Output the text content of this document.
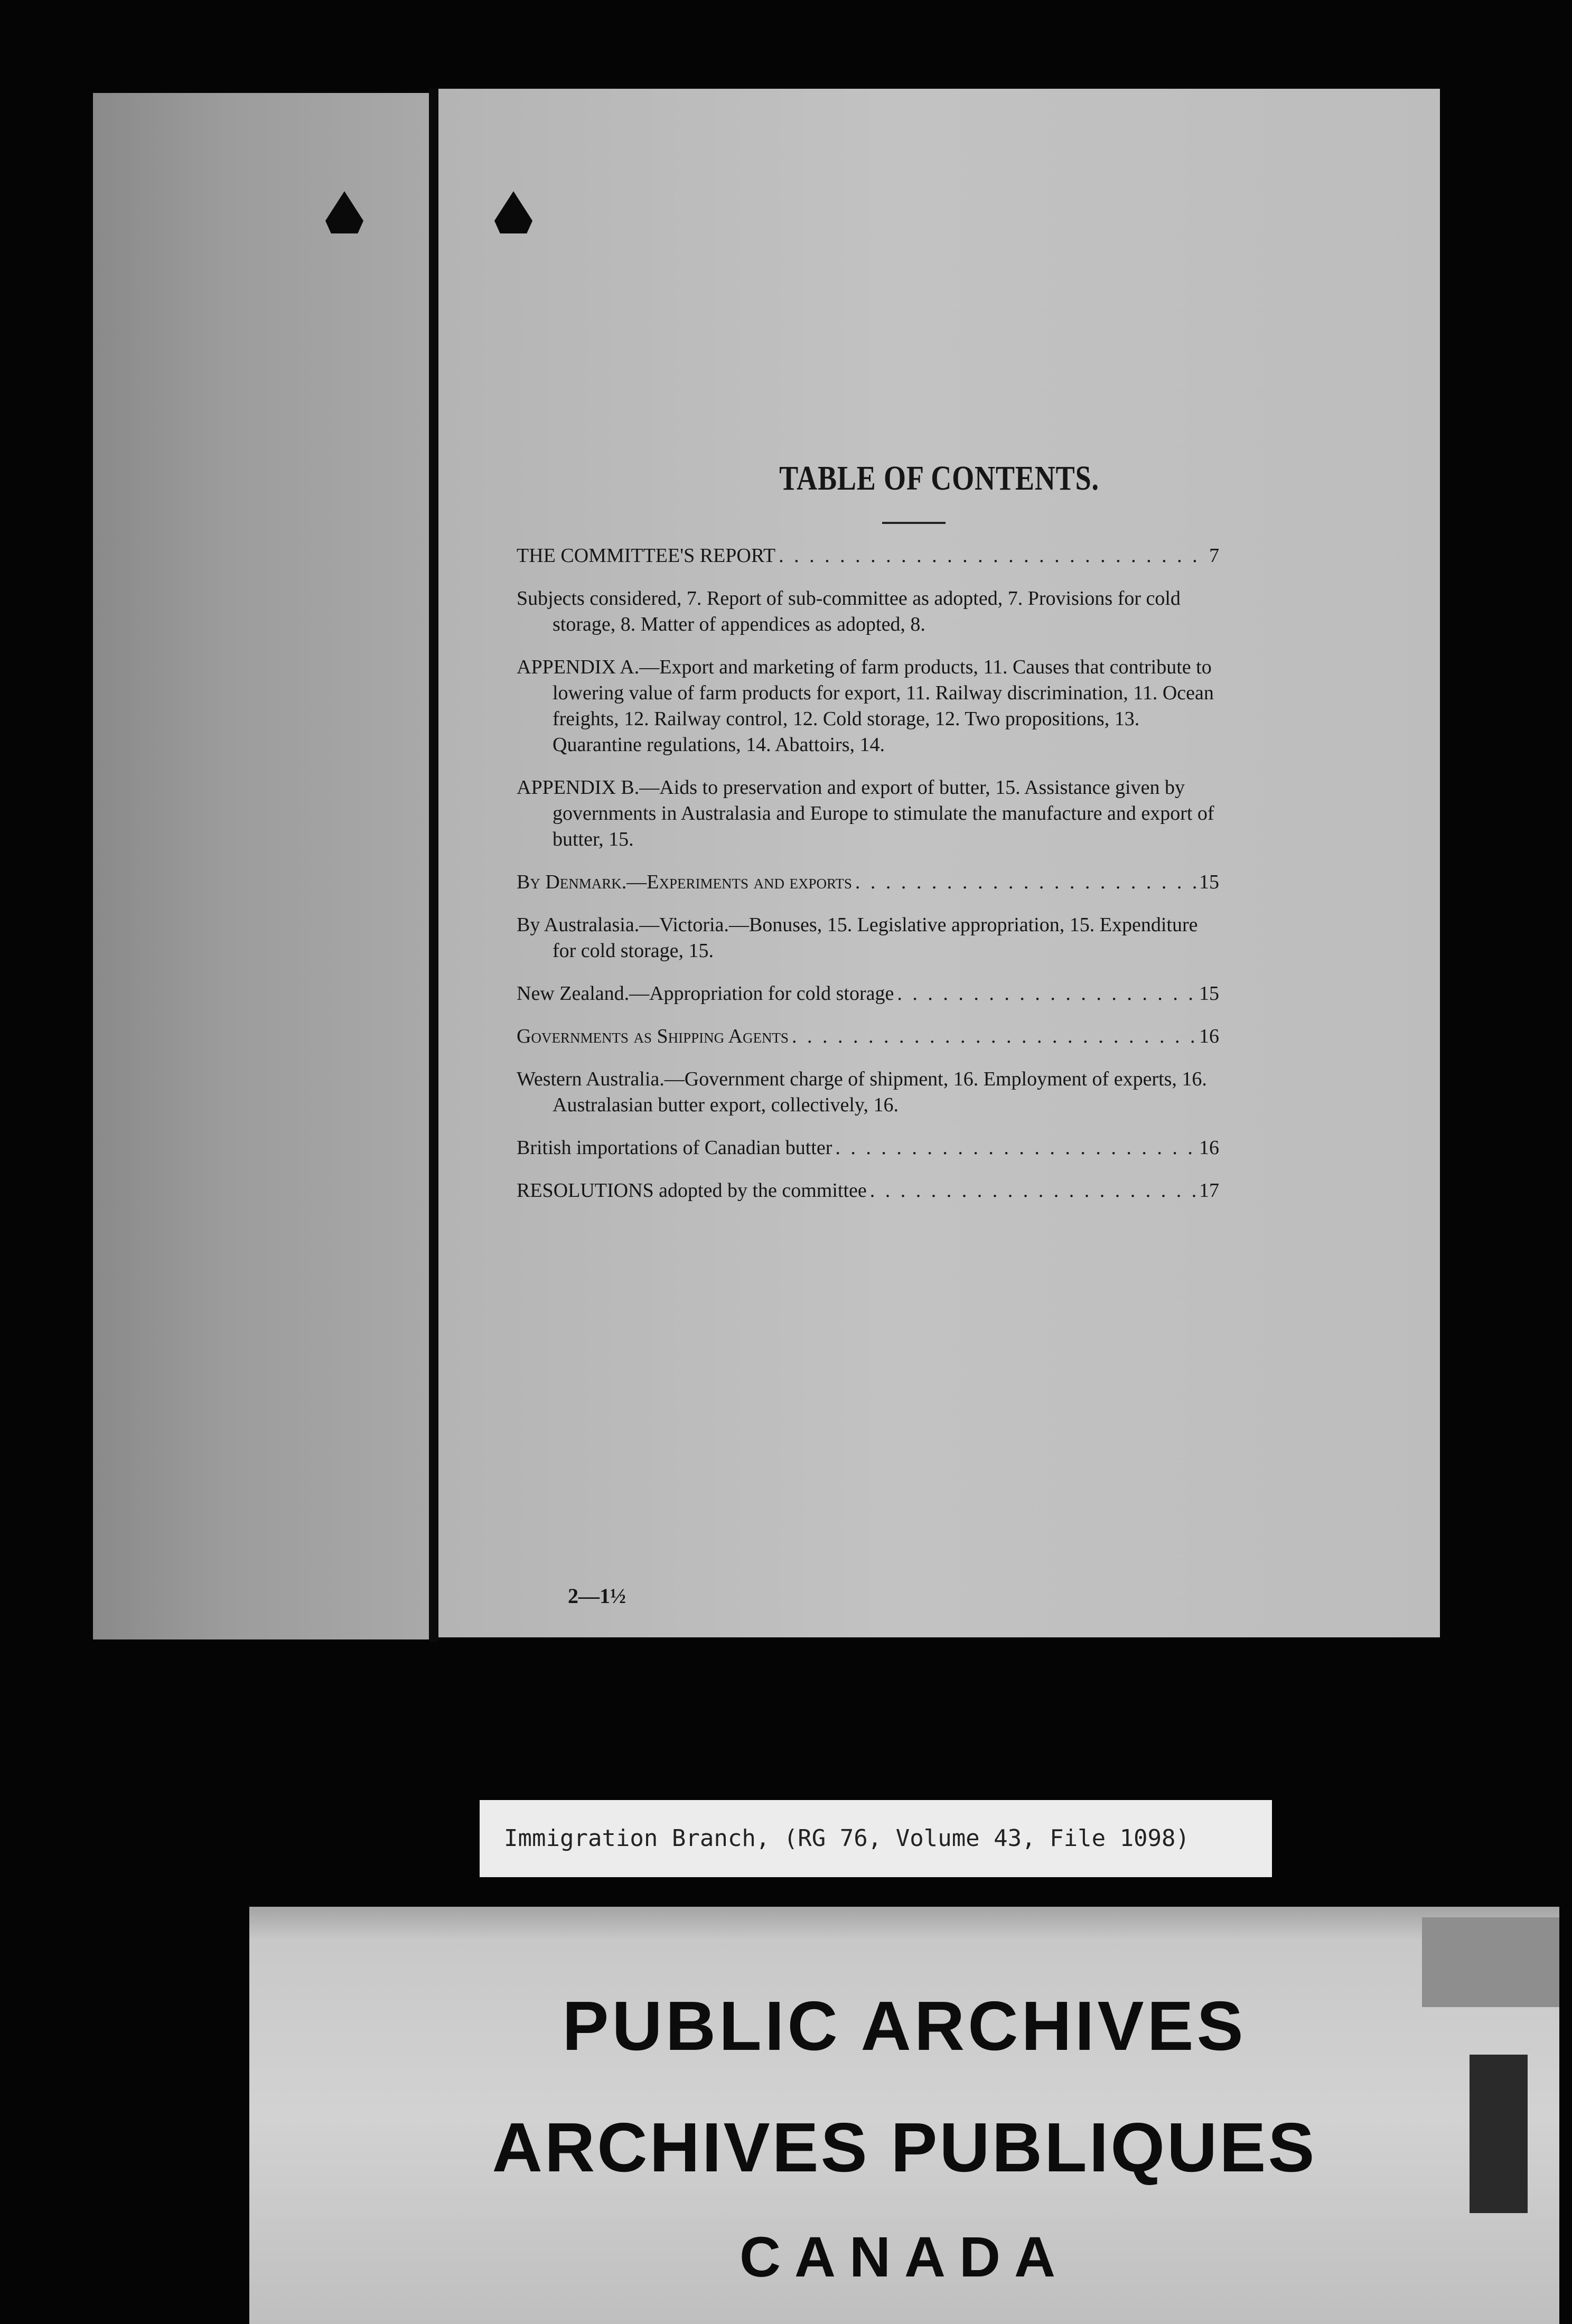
TABLE OF CONTENTS.
THE COMMITTEE'S REPORT . . .	7
Subjects considered, 7. Report of sub-committee as adopted, 7. Provisions for cold storage, 8. Matter of appendices as adopted, 8.
APPENDIX A.—Export and marketing of farm products, 11. Causes that contribute to lowering value of farm products for export, 11. Railway discrimination, 11. Ocean freights, 12. Railway control, 12. Cold storage, 12. Two propositions, 13. Quarantine regulations, 14. Abattoirs, 14.
APPENDIX B.—Aids to preservation and export of butter, 15. Assistance given by governments in Australasia and Europe to stimulate the manufacture and export of butter, 15.
By Denmark.—Experiments and exports . . .	15
By Australasia.—Victoria.—Bonuses, 15. Legislative appropriation, 15. Expenditure for cold storage, 15.
New Zealand.—Appropriation for cold storage . . .	15
Governments as Shipping Agents . . .	16
Western Australia.—Government charge of shipment, 16. Employment of experts, 16. Australasian butter export, collectively, 16.
British importations of Canadian butter . . .	16
RESOLUTIONS adopted by the committee . . .	17
2—1½
Immigration Branch, (RG 76, Volume 43, File 1098)
PUBLIC ARCHIVES
ARCHIVES PUBLIQUES
CANADA
